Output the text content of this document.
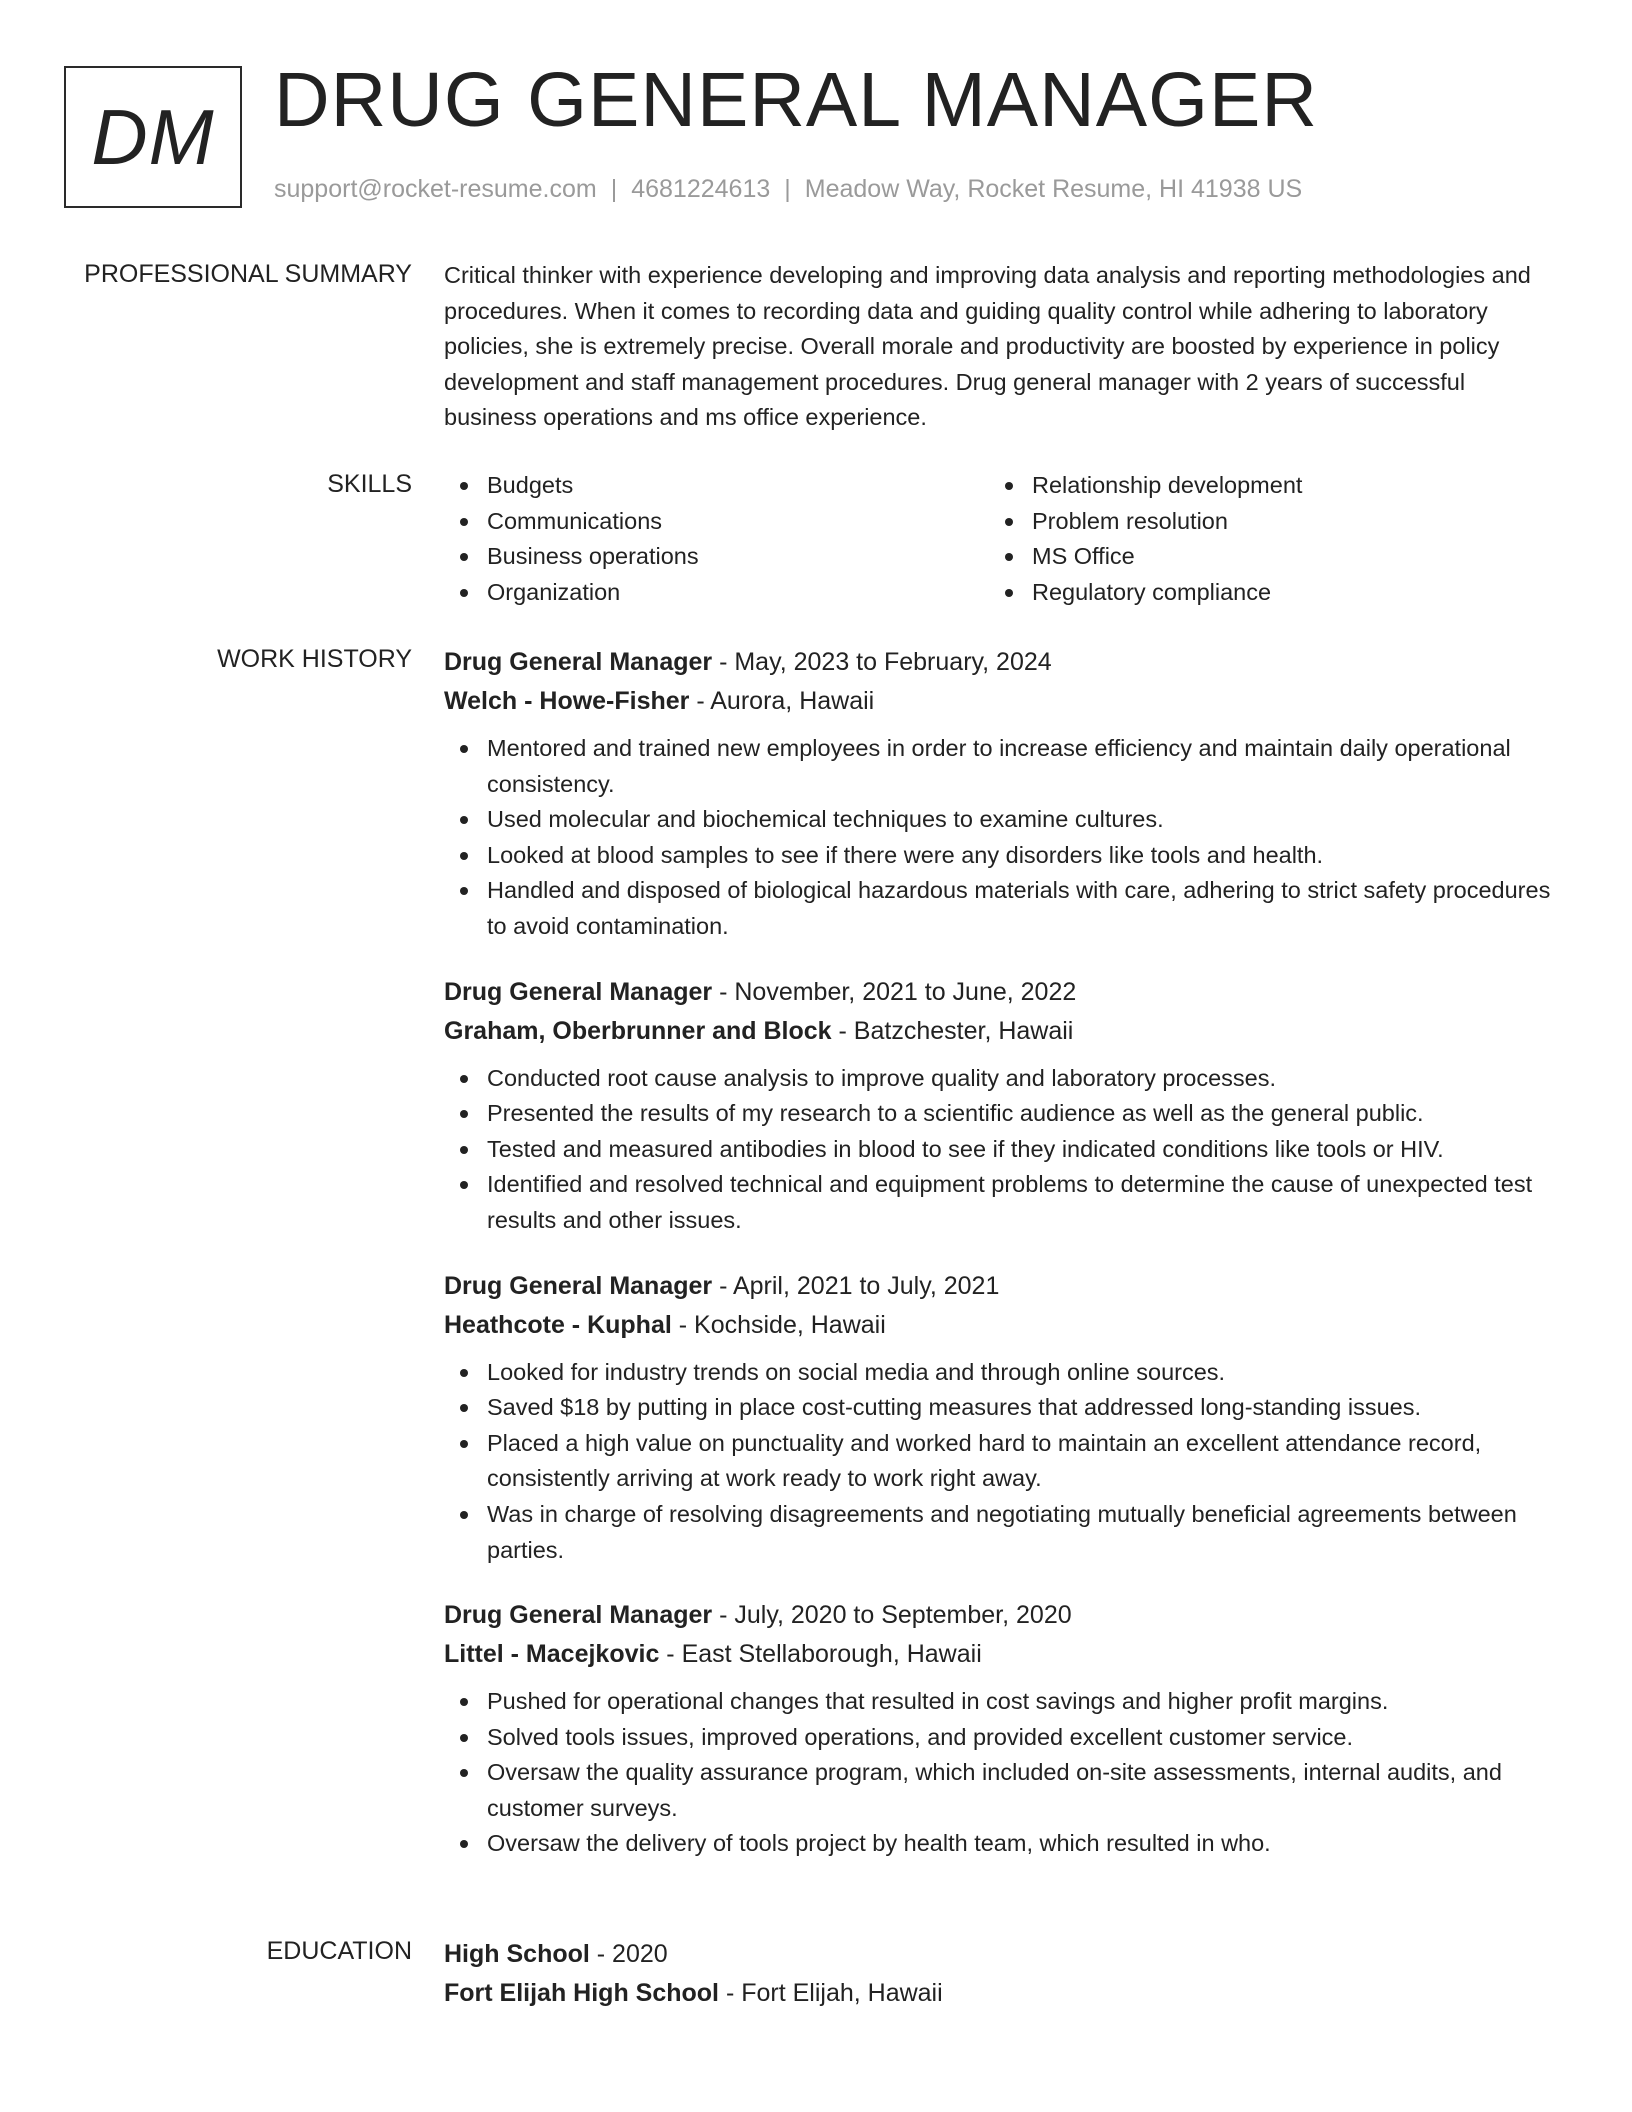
DM DRUG GENERAL MANAGER
support@rocket-resume.com | 4681224613 | Meadow Way, Rocket Resume, HI 41938 US
PROFESSIONAL SUMMARY Critical thinker with experience developing and improving data analysis and reporting methodologies and procedures. When it comes to recording data and guiding quality control while adhering to laboratory policies, she is extremely precise. Overall morale and productivity are boosted by experience in policy development and staff management procedures. Drug general manager with 2 years of successful business operations and ms office experience.

SKILLS	Budgets
Communications
Business operations
Organization
Relationship development
Problem resolution
MS Office
Regulatory compliance
WORK HISTORY Drug General Manager - May, 2023 to February, 2024
Welch - Howe-Fisher - Aurora, Hawaii
Mentored and trained new employees in order to increase efficiency and maintain daily operational consistency.
Used molecular and biochemical techniques to examine cultures.
Looked at blood samples to see if there were any disorders like tools and health.
Handled and disposed of biological hazardous materials with care, adhering to strict safety procedures to avoid contamination.
Drug General Manager - November, 2021 to June, 2022
Graham, Oberbrunner and Block - Batzchester, Hawaii
Conducted root cause analysis to improve quality and laboratory processes.
Presented the results of my research to a scientific audience as well as the general public.
Tested and measured antibodies in blood to see if they indicated conditions like tools or HIV.
Identified and resolved technical and equipment problems to determine the cause of unexpected test results and other issues.
Drug General Manager - April, 2021 to July, 2021
Heathcote - Kuphal - Kochside, Hawaii
Looked for industry trends on social media and through online sources.
Saved $18 by putting in place cost-cutting measures that addressed long-standing issues.
Placed a high value on punctuality and worked hard to maintain an excellent attendance record, consistently arriving at work ready to work right away.
Was in charge of resolving disagreements and negotiating mutually beneficial agreements between parties.
Drug General Manager - July, 2020 to September, 2020
Littel - Macejkovic - East Stellaborough, Hawaii
Pushed for operational changes that resulted in cost savings and higher profit margins.
Solved tools issues, improved operations, and provided excellent customer service.
Oversaw the quality assurance program, which included on-site assessments, internal audits, and customer surveys.
Oversaw the delivery of tools project by health team, which resulted in who.
EDUCATION High School - 2020
Fort Elijah High School - Fort Elijah, Hawaii
